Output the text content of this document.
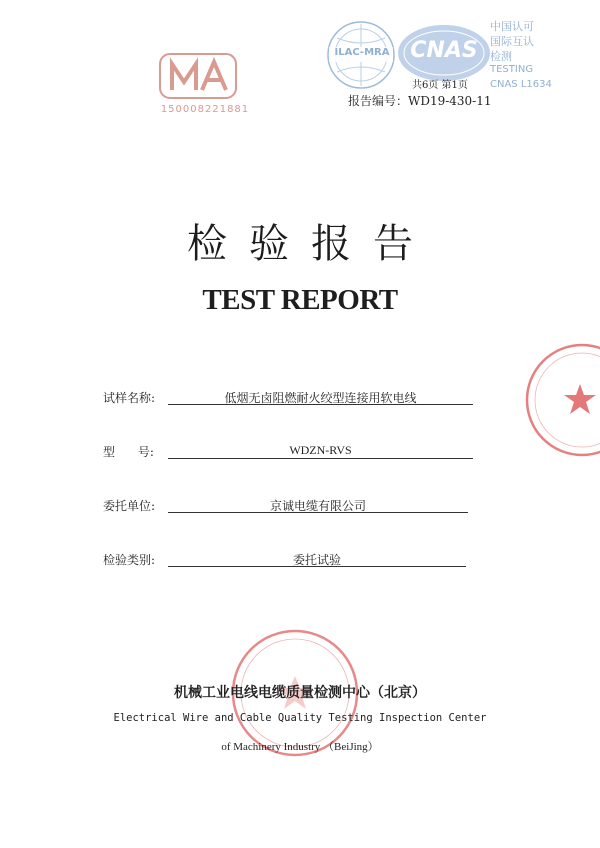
150008221881
ILAC-MRA CNAS
中国认可
国际互认
检测
TESTING
CNAS L1634
共6页 第1页
报告编号：WD19-430-11
检验报告
TEST REPORT
试样名称:	低烟无卤阻燃耐火绞型连接用软电线
型      号:	WDZN-RVS
委托单位:	京诚电缆有限公司
检验类别:	委托试验
机械工业电线电缆质量检测中心（北京）
Electrical Wire and Cable Quality Testing Inspection Center
of Machinery Industry （BeiJing）
